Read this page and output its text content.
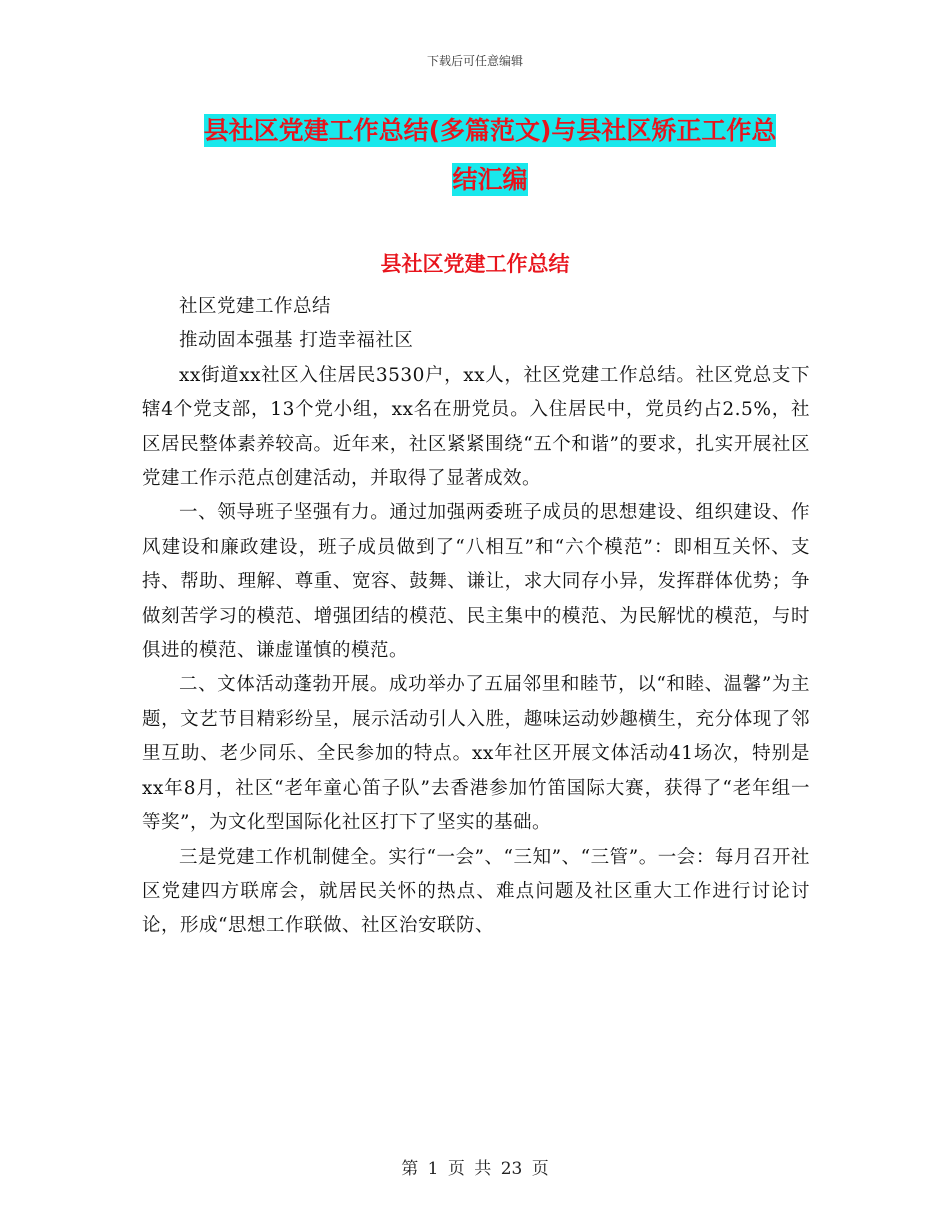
下载后可任意编辑
县社区党建工作总结(多篇范文)与县社区矫正工作总
结汇编
县社区党建工作总结

社区党建工作总结

推动固本强基 打造幸福社区

xx街道xx社区入住居民3530户，xx人，社区党建工作总结。社区党总支下辖4个党支部，13个党小组，xx名在册党员。入住居民中，党员约占2.5%，社区居民整体素养较高。近年来，社区紧紧围绕“五个和谐”的要求，扎实开展社区党建工作示范点创建活动，并取得了显著成效。

一、领导班子坚强有力。通过加强两委班子成员的思想建设、组织建设、作风建设和廉政建设，班子成员做到了“八相互”和“六个模范”：即相互关怀、支持、帮助、理解、尊重、宽容、鼓舞、谦让，求大同存小异，发挥群体优势；争做刻苦学习的模范、增强团结的模范、民主集中的模范、为民解忧的模范，与时俱进的模范、谦虚谨慎的模范。

二、文体活动蓬勃开展。成功举办了五届邻里和睦节，以“和睦、温馨”为主题，文艺节目精彩纷呈，展示活动引人入胜，趣味运动妙趣横生，充分体现了邻里互助、老少同乐、全民参加的特点。xx年社区开展文体活动41场次，特别是xx年8月，社区“老年童心笛子队”去香港参加竹笛国际大赛，获得了“老年组一等奖”，为文化型国际化社区打下了坚实的基础。

三是党建工作机制健全。实行“一会”、“三知”、“三管”。一会：每月召开社区党建四方联席会，就居民关怀的热点、难点问题及社区重大工作进行讨论讨论，形成“思想工作联做、社区治安联防、

第 1 页 共 23 页
